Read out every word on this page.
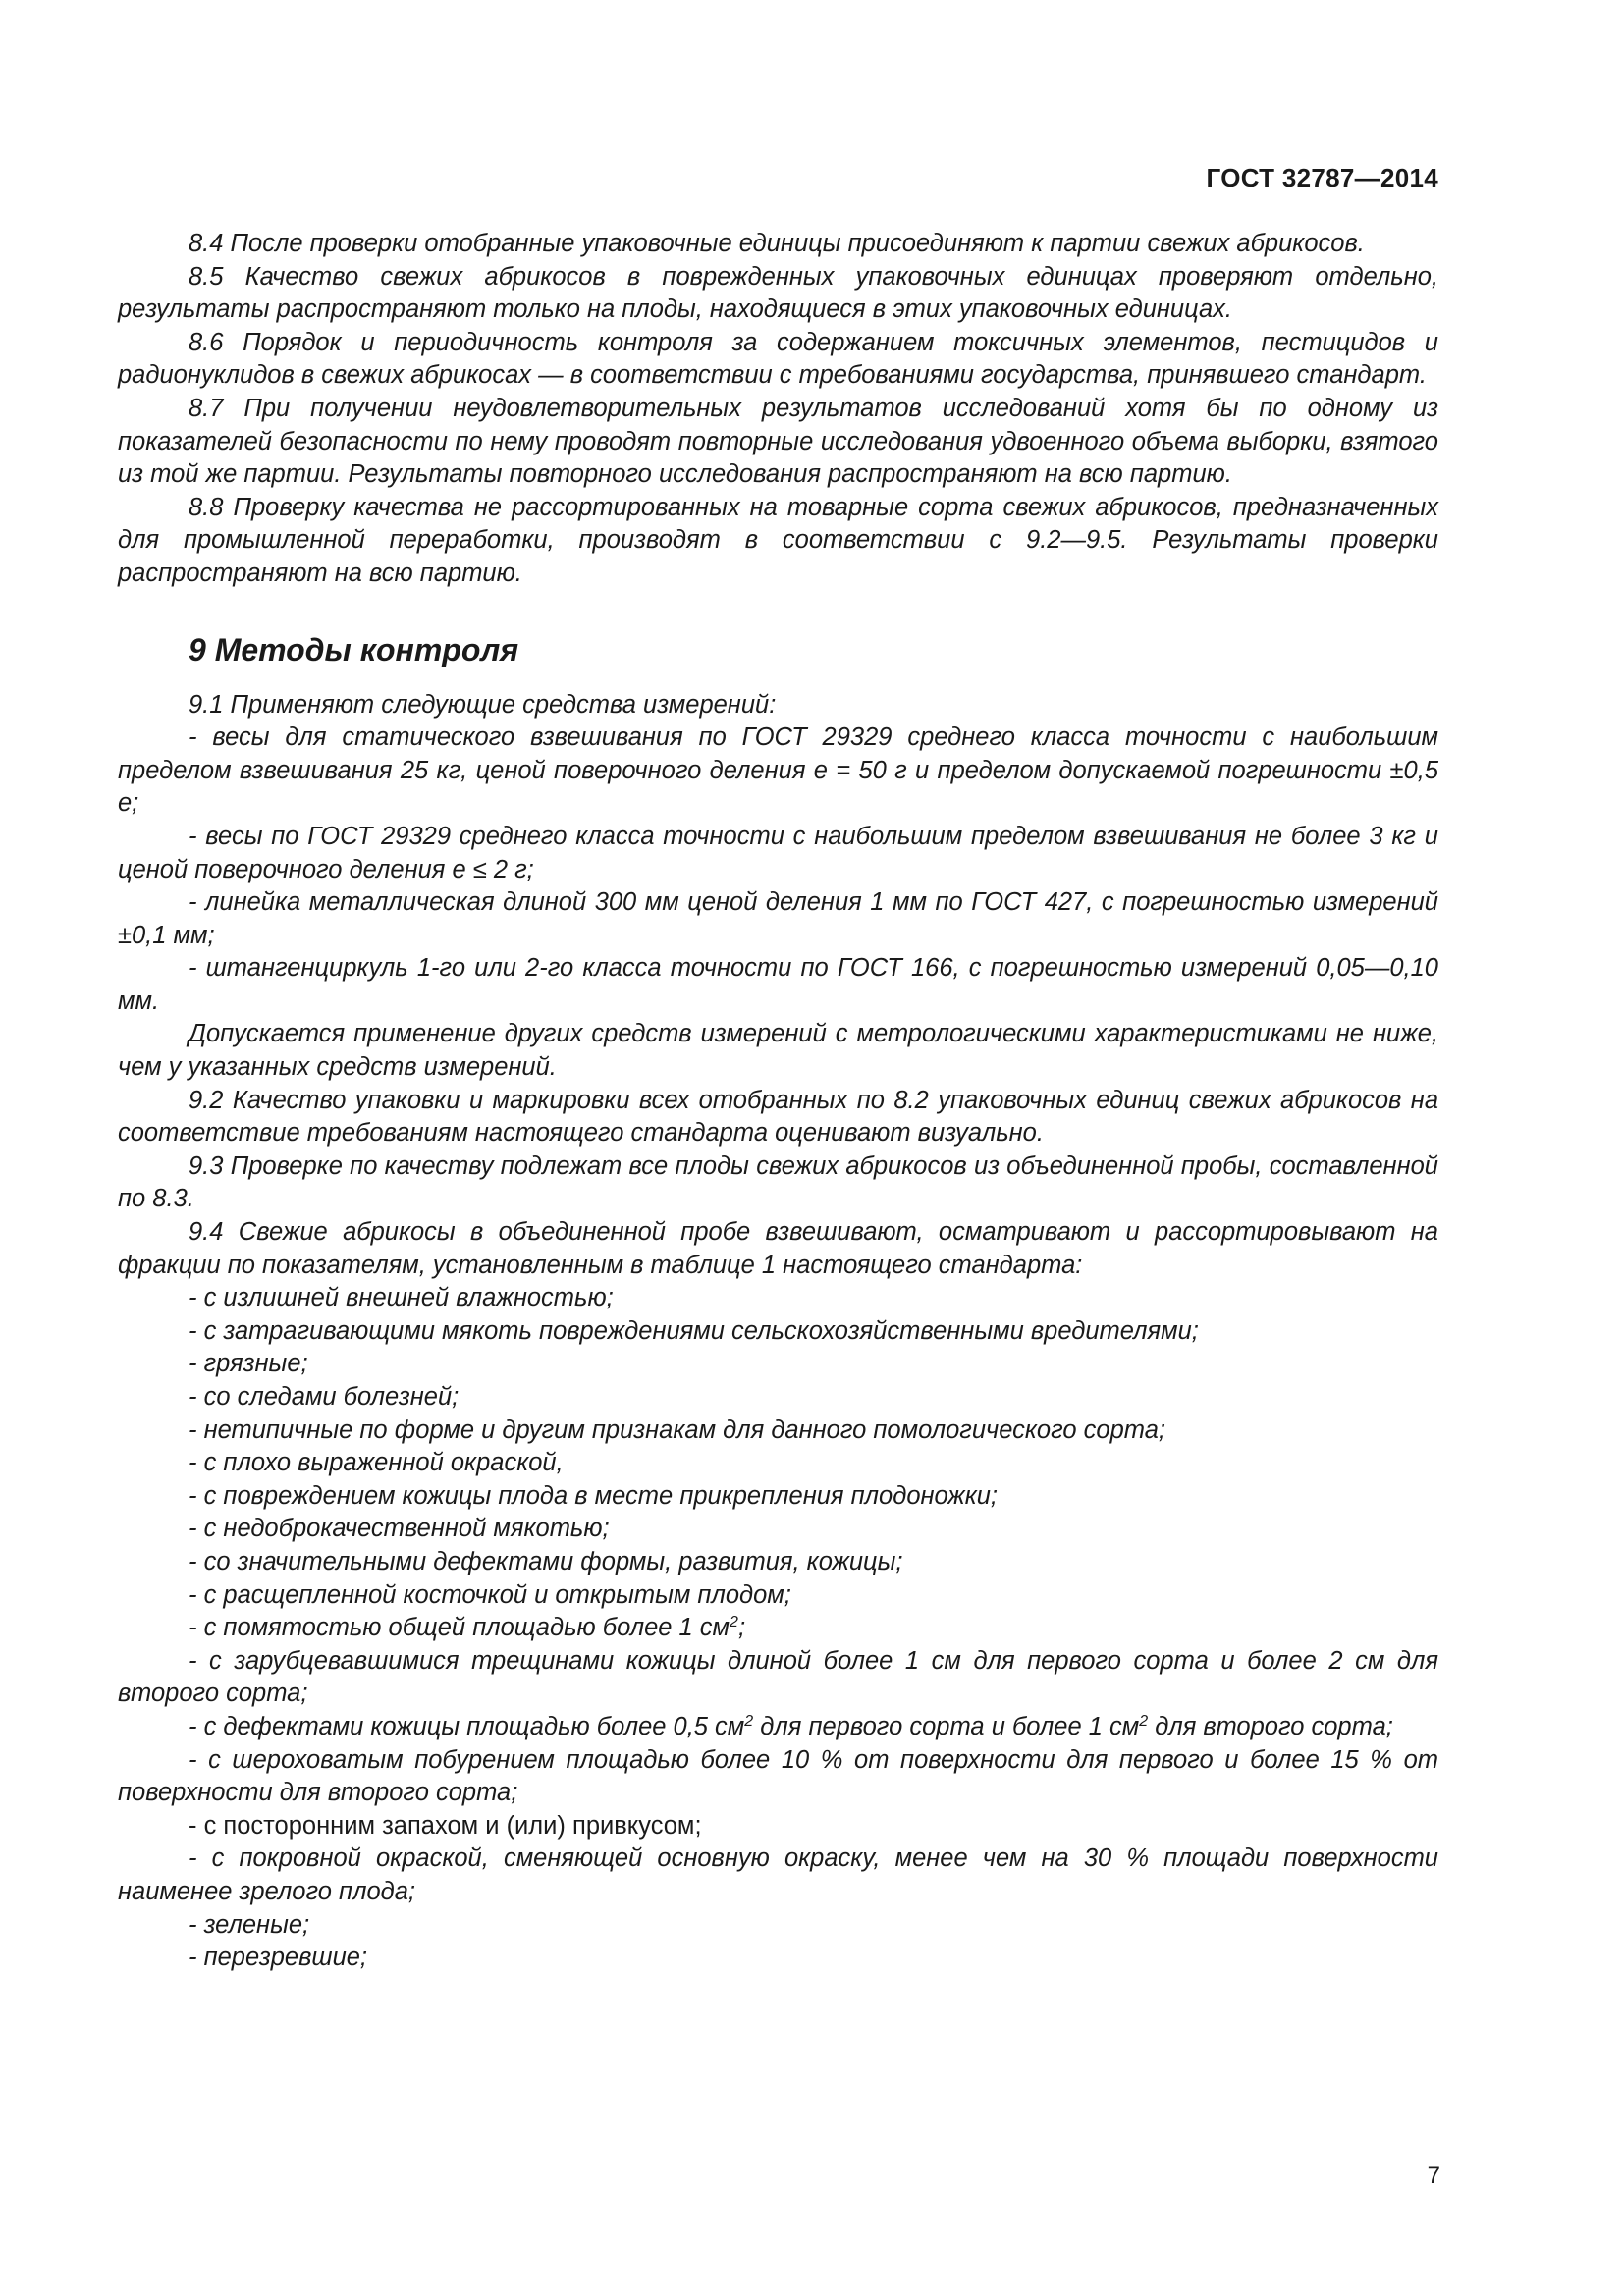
ГОСТ 32787—2014

8.4 После проверки отобранные упаковочные единицы присоединяют к партии свежих абрикосов.

8.5 Качество свежих абрикосов в поврежденных упаковочных единицах проверяют отдельно, результаты распространяют только на плоды, находящиеся в этих упаковочных единицах.

8.6 Порядок и периодичность контроля за содержанием токсичных элементов, пестицидов и радионуклидов в свежих абрикосах — в соответствии с требованиями государства, принявшего стандарт.

8.7 При получении неудовлетворительных результатов исследований хотя бы по одному из показателей безопасности по нему проводят повторные исследования удвоенного объема выборки, взятого из той же партии. Результаты повторного исследования распространяют на всю партию.

8.8 Проверку качества не рассортированных на товарные сорта свежих абрикосов, предназначенных для промышленной переработки, производят в соответствии с 9.2—9.5. Результаты проверки распространяют на всю партию.

9 Методы контроля

9.1 Применяют следующие средства измерений:

- весы для статического взвешивания по ГОСТ 29329 среднего класса точности с наибольшим пределом взвешивания 25 кг, ценой поверочного деления е = 50 г и пределом допускаемой погрешности ±0,5 е;

- весы по ГОСТ 29329 среднего класса точности с наибольшим пределом взвешивания не более 3 кг и ценой поверочного деления е ≤ 2 г;

- линейка металлическая длиной 300 мм ценой деления 1 мм по ГОСТ 427, с погрешностью измерений ±0,1 мм;

- штангенциркуль 1-го или 2-го класса точности по ГОСТ 166, с погрешностью измерений 0,05—0,10 мм.

Допускается применение других средств измерений с метрологическими характеристиками не ниже, чем у указанных средств измерений.

9.2 Качество упаковки и маркировки всех отобранных по 8.2 упаковочных единиц свежих абрикосов на соответствие требованиям настоящего стандарта оценивают визуально.

9.3 Проверке по качеству подлежат все плоды свежих абрикосов из объединенной пробы, составленной по 8.3.

9.4 Свежие абрикосы в объединенной пробе взвешивают, осматривают и рассортировывают на фракции по показателям, установленным в таблице 1 настоящего стандарта:

- с излишней внешней влажностью;

- с затрагивающими мякоть повреждениями сельскохозяйственными вредителями;

- грязные;

- со следами болезней;

- нетипичные по форме и другим признакам для данного помологического сорта;

- с плохо выраженной окраской,

- с повреждением кожицы плода в месте прикрепления плодоножки;

- с недоброкачественной мякотью;

- со значительными дефектами формы, развития, кожицы;

- с расщепленной косточкой и открытым плодом;

- с помятостью общей площадью более 1 $см^2$;

- с зарубцевавшимися трещинами кожицы длиной более 1 см для первого сорта и более 2 см для второго сорта;

- с дефектами кожицы площадью более 0,5 $см^2$ для первого сорта и более 1 $см^2$ для второго сорта;

- с шероховатым побурением площадью более 10 % от поверхности для первого и более 15 % от поверхности для второго сорта;

- с посторонним запахом и (или) привкусом;

- с покровной окраской, сменяющей основную окраску, менее чем на 30 % площади поверхности наименее зрелого плода;

- зеленые;

- перезревшие;

7
